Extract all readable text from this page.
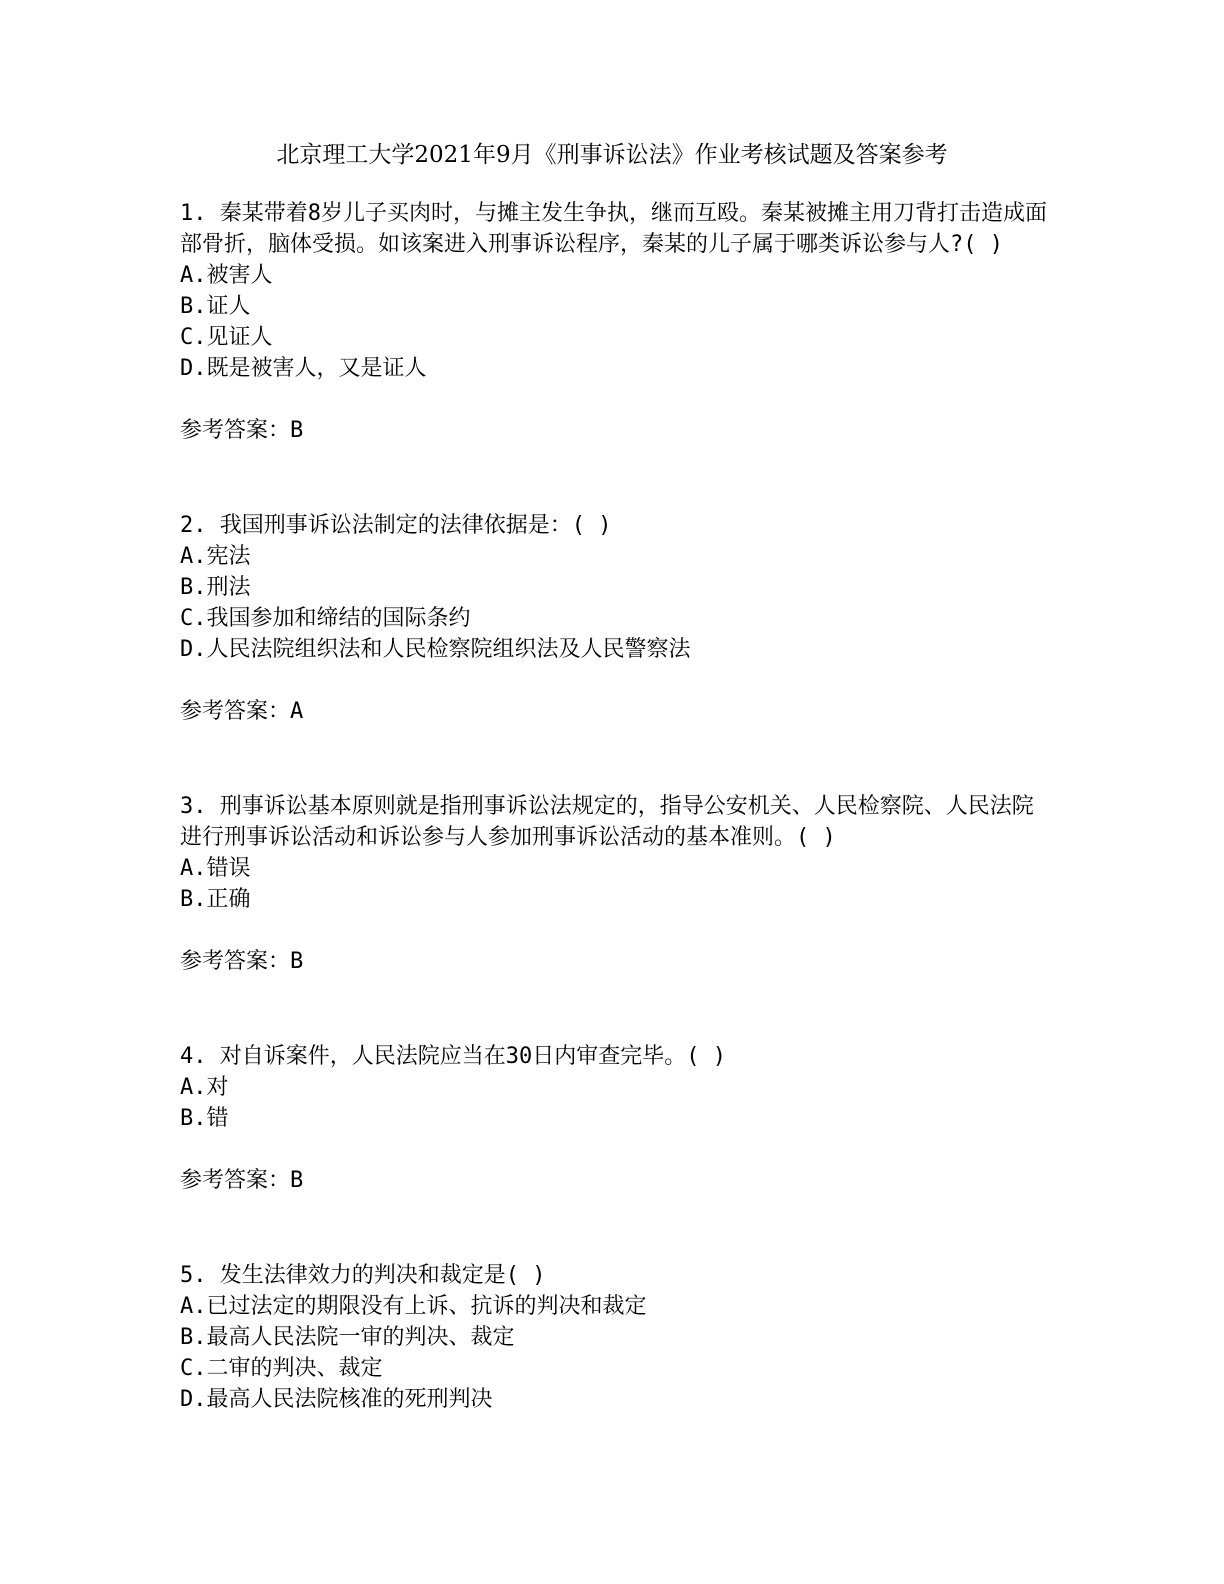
北京理工大学2021年9月《刑事诉讼法》作业考核试题及答案参考

1. 秦某带着8岁儿子买肉时，与摊主发生争执，继而互殴。秦某被摊主用刀背打击造成面部骨折，脑体受损。如该案进入刑事诉讼程序，秦某的儿子属于哪类诉讼参与人?( )

A.被害人

B.证人

C.见证人

D.既是被害人，又是证人

参考答案：B

2. 我国刑事诉讼法制定的法律依据是：( )

A.宪法

B.刑法

C.我国参加和缔结的国际条约

D.人民法院组织法和人民检察院组织法及人民警察法

参考答案：A

3. 刑事诉讼基本原则就是指刑事诉讼法规定的，指导公安机关、人民检察院、人民法院进行刑事诉讼活动和诉讼参与人参加刑事诉讼活动的基本准则。( )

A.错误

B.正确

参考答案：B

4. 对自诉案件，人民法院应当在30日内审查完毕。( )

A.对

B.错

参考答案：B

5. 发生法律效力的判决和裁定是( )

A.已过法定的期限没有上诉、抗诉的判决和裁定

B.最高人民法院一审的判决、裁定

C.二审的判决、裁定

D.最高人民法院核准的死刑判决
